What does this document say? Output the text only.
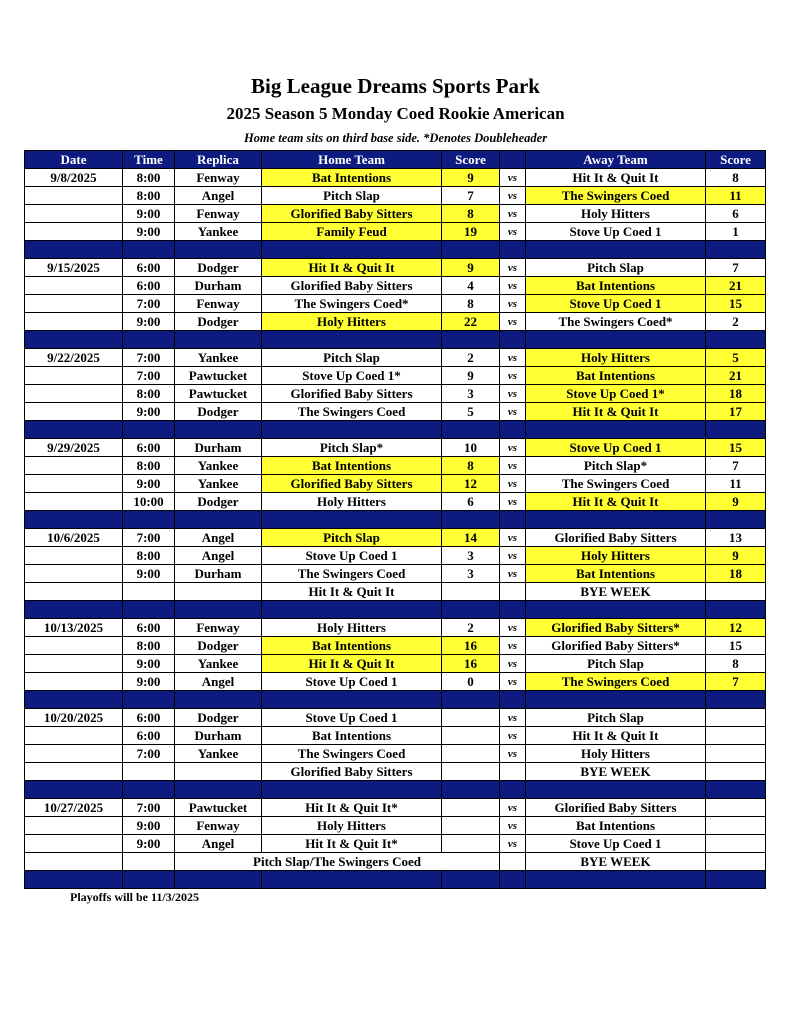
Big League Dreams Sports Park
2025 Season 5 Monday Coed Rookie American
Home team sits on third base side. *Denotes Doubleheader
Date	Time	Replica	Home Team	Score		Away Team	Score
9/8/2025	8:00	Fenway	Bat Intentions	9	vs	Hit It & Quit It	8
	8:00	Angel	Pitch Slap	7	vs	The Swingers Coed	11
	9:00	Fenway	Glorified Baby Sitters	8	vs	Holy Hitters	6
	9:00	Yankee	Family Feud	19	vs	Stove Up Coed 1	1

9/15/2025	6:00	Dodger	Hit It & Quit It	9	vs	Pitch Slap	7
	6:00	Durham	Glorified Baby Sitters	4	vs	Bat Intentions	21
	7:00	Fenway	The Swingers Coed*	8	vs	Stove Up Coed 1	15
	9:00	Dodger	Holy Hitters	22	vs	The Swingers Coed*	2

9/22/2025	7:00	Yankee	Pitch Slap	2	vs	Holy Hitters	5
	7:00	Pawtucket	Stove Up Coed 1*	9	vs	Bat Intentions	21
	8:00	Pawtucket	Glorified Baby Sitters	3	vs	Stove Up Coed 1*	18
	9:00	Dodger	The Swingers Coed	5	vs	Hit It & Quit It	17

9/29/2025	6:00	Durham	Pitch Slap*	10	vs	Stove Up Coed 1	15
	8:00	Yankee	Bat Intentions	8	vs	Pitch Slap*	7
	9:00	Yankee	Glorified Baby Sitters	12	vs	The Swingers Coed	11
	10:00	Dodger	Holy Hitters	6	vs	Hit It & Quit It	9

10/6/2025	7:00	Angel	Pitch Slap	14	vs	Glorified Baby Sitters	13
	8:00	Angel	Stove Up Coed 1	3	vs	Holy Hitters	9
	9:00	Durham	The Swingers Coed	3	vs	Bat Intentions	18
			Hit It & Quit It			BYE WEEK	

10/13/2025	6:00	Fenway	Holy Hitters	2	vs	Glorified Baby Sitters*	12
	8:00	Dodger	Bat Intentions	16	vs	Glorified Baby Sitters*	15
	9:00	Yankee	Hit It & Quit It	16	vs	Pitch Slap	8
	9:00	Angel	Stove Up Coed 1	0	vs	The Swingers Coed	7

10/20/2025	6:00	Dodger	Stove Up Coed 1		vs	Pitch Slap	
	6:00	Durham	Bat Intentions		vs	Hit It & Quit It	
	7:00	Yankee	The Swingers Coed		vs	Holy Hitters	
			Glorified Baby Sitters			BYE WEEK	

10/27/2025	7:00	Pawtucket	Hit It & Quit It*		vs	Glorified Baby Sitters	
	9:00	Fenway	Holy Hitters		vs	Bat Intentions	
	9:00	Angel	Hit It & Quit It*		vs	Stove Up Coed 1	
		Pitch Slap/The Swingers Coed				BYE WEEK	

Playoffs will be 11/3/2025
